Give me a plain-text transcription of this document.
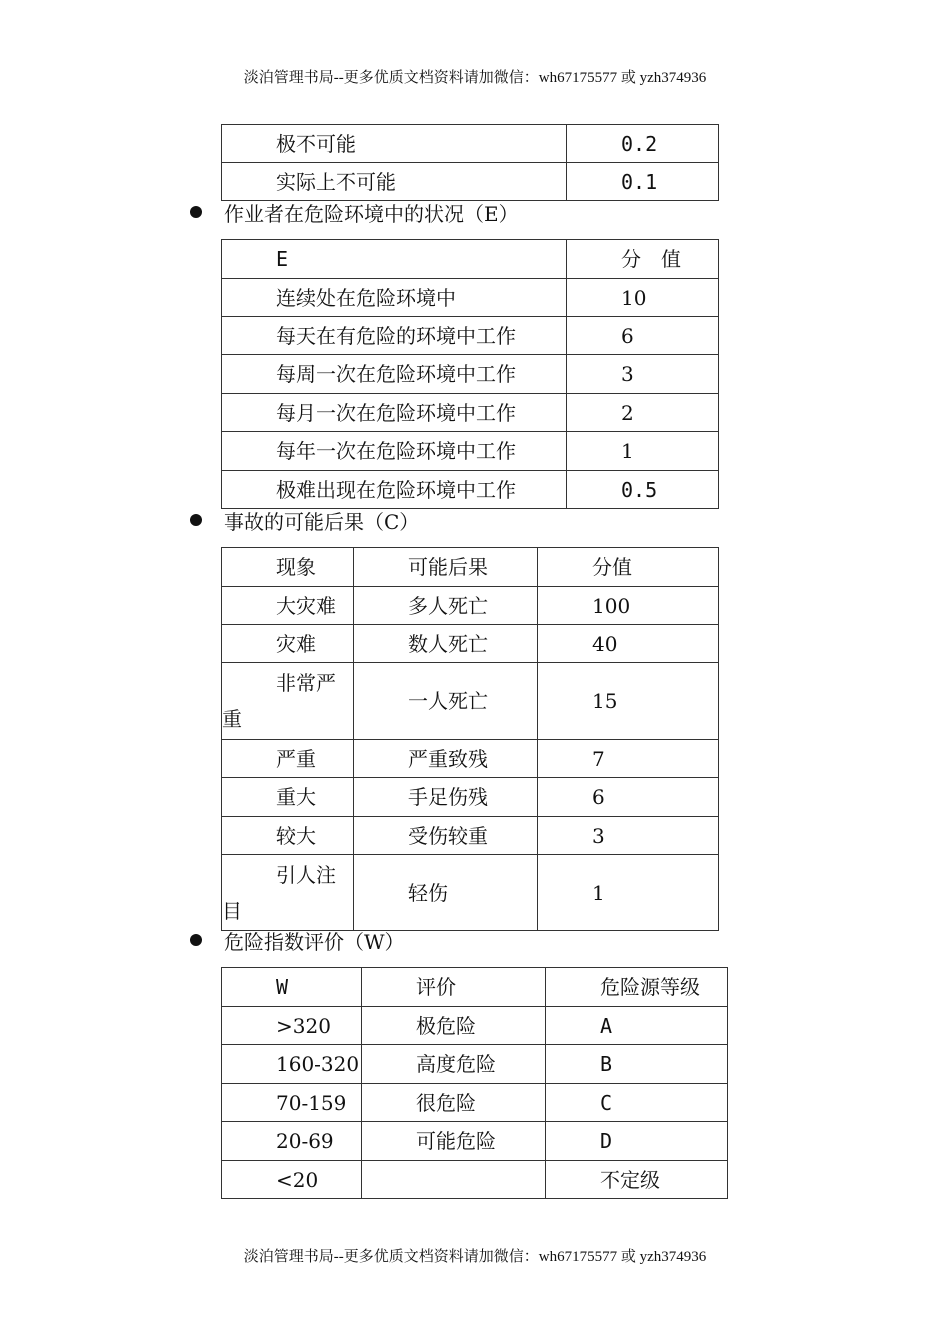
淡泊管理书局--更多优质文档资料请加微信：wh67175577 或 yzh374936
极不可能	0.2
实际上不可能	0.1
作业者在危险环境中的状况（E）
E	分　值
连续处在危险环境中	10
每天在有危险的环境中工作	6
每周一次在危险环境中工作	3
每月一次在危险环境中工作	2
每年一次在危险环境中工作	1
极难出现在危险环境中工作	0.5
事故的可能后果（C）
现象	可能后果	分值
大灾难	多人死亡	100
灾难	数人死亡	40
非常严重	一人死亡	15
严重	严重致残	7
重大	手足伤残	6
较大	受伤较重	3
引人注目	轻伤	1
危险指数评价（W）
W	评价	危险源等级
>320	极危险	A
160-320	高度危险	B
70-159	很危险	C
20-69	可能危险	D
<20		不定级
淡泊管理书局--更多优质文档资料请加微信：wh67175577 或 yzh374936
